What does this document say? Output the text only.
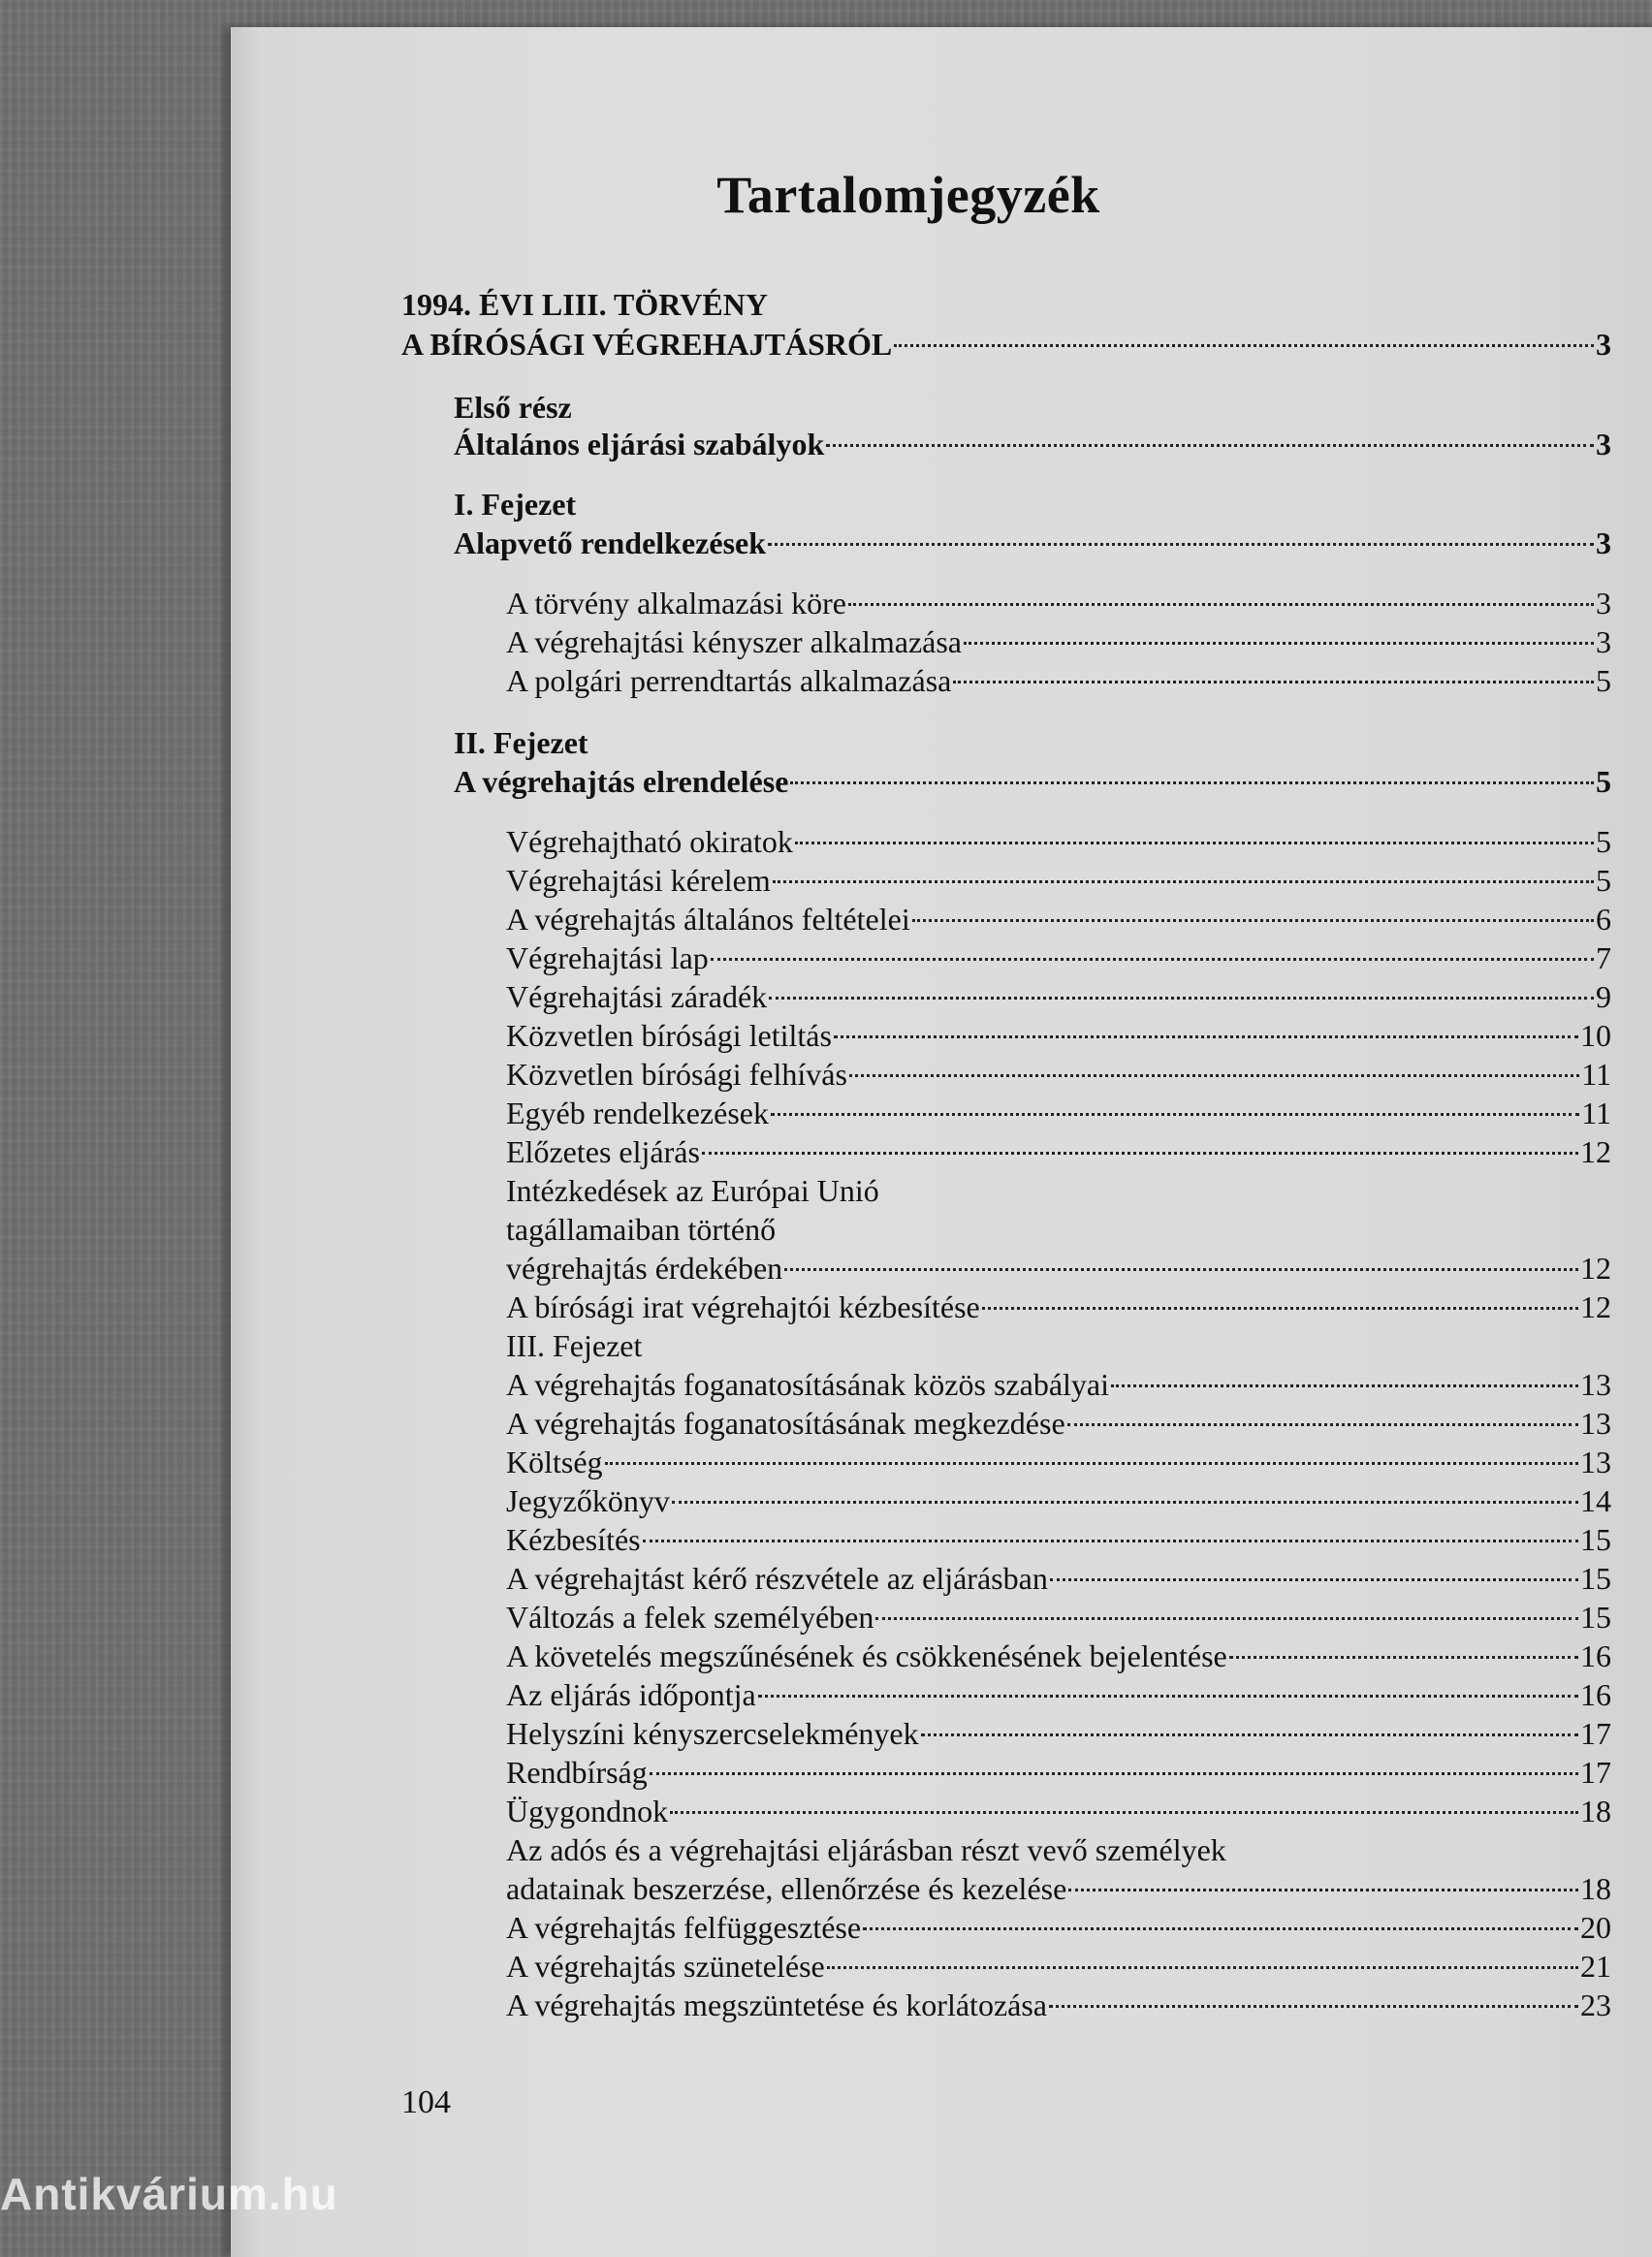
Tartalomjegyzék
1994. ÉVI LIII. TÖRVÉNY
A BÍRÓSÁGI VÉGREHAJTÁSRÓL	3
Első rész
Általános eljárási szabályok	3
I. Fejezet
Alapvető rendelkezések	3
A törvény alkalmazási köre	3
A végrehajtási kényszer alkalmazása	3
A polgári perrendtartás alkalmazása	5
II. Fejezet
A végrehajtás elrendelése	5
Végrehajtható okiratok	5
Végrehajtási kérelem	5
A végrehajtás általános feltételei	6
Végrehajtási lap	7
Végrehajtási záradék	9
Közvetlen bírósági letiltás	10
Közvetlen bírósági felhívás	11
Egyéb rendelkezések	11
Előzetes eljárás	12
Intézkedések az Európai Unió
tagállamaiban történő
végrehajtás érdekében	12
A bírósági irat végrehajtói kézbesítése	12
III. Fejezet
A végrehajtás foganatosításának közös szabályai	13
A végrehajtás foganatosításának megkezdése	13
Költség	13
Jegyzőkönyv	14
Kézbesítés	15
A végrehajtást kérő részvétele az eljárásban	15
Változás a felek személyében	15
A követelés megszűnésének és csökkenésének bejelentése	16
Az eljárás időpontja	16
Helyszíni kényszercselekmények	17
Rendbírság	17
Ügygondnok	18
Az adós és a végrehajtási eljárásban részt vevő személyek
adatainak beszerzése, ellenőrzése és kezelése	18
A végrehajtás felfüggesztése	20
A végrehajtás szünetelése	21
A végrehajtás megszüntetése és korlátozása	23
104
Antikvárium.hu
